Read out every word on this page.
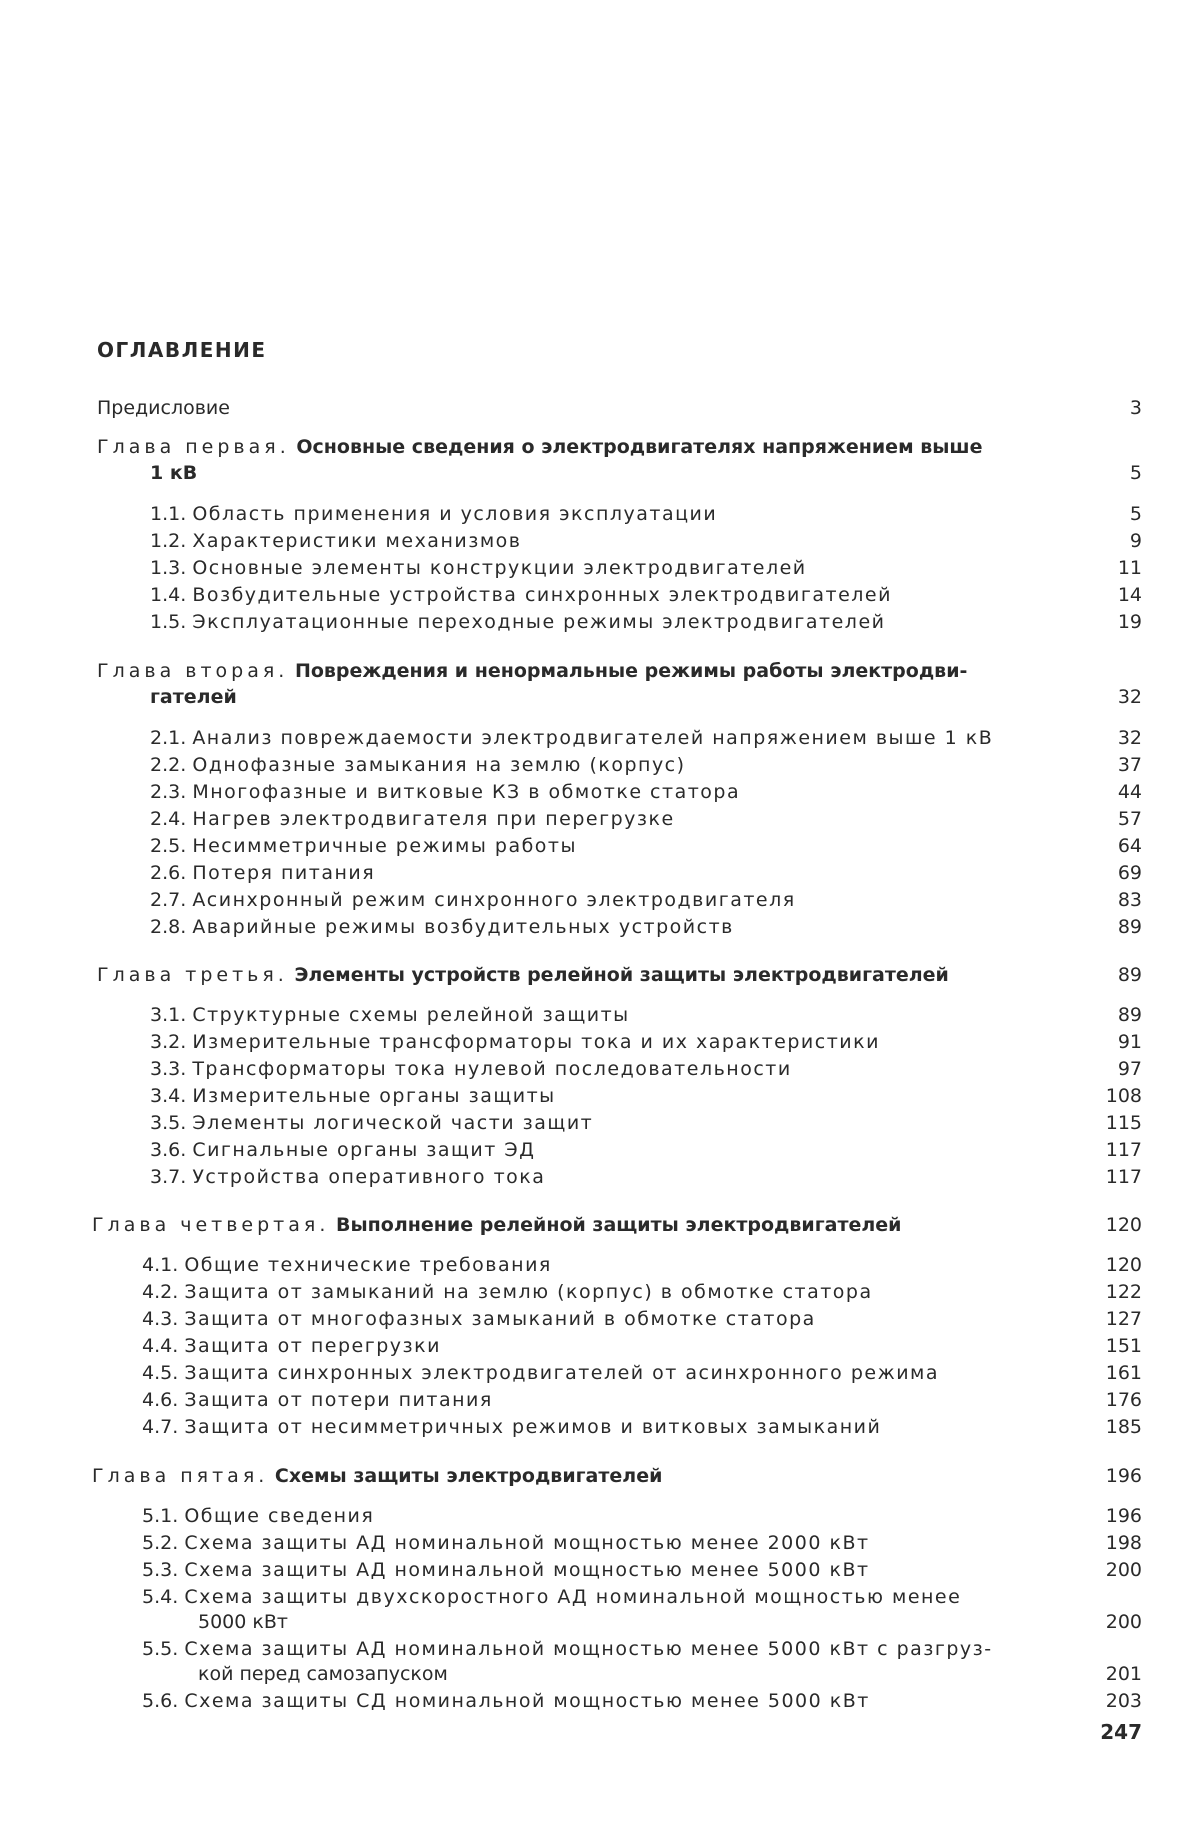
ОГЛАВЛЕНИЕ
Предисловие	3
Глава первая. Основные сведения о электродвигателях напряжением выше
1 кВ	5
1.1. Область применения и условия эксплуатации	5
1.2. Характеристики механизмов	9
1.3. Основные элементы конструкции электродвигателей	11
1.4. Возбудительные устройства синхронных электродвигателей	14
1.5. Эксплуатационные переходные режимы электродвигателей	19
Глава вторая. Повреждения и ненормальные режимы работы электродви-
гателей	32
2.1. Анализ повреждаемости электродвигателей напряжением выше 1 кВ	32
2.2. Однофазные замыкания на землю (корпус)	37
2.3. Многофазные и витковые КЗ в обмотке статора	44
2.4. Нагрев электродвигателя при перегрузке	57
2.5. Несимметричные режимы работы	64
2.6. Потеря питания	69
2.7. Асинхронный режим синхронного электродвигателя	83
2.8. Аварийные режимы возбудительных устройств	89
Глава третья. Элементы устройств релейной защиты электродвигателей	89
3.1. Структурные схемы релейной защиты	89
3.2. Измерительные трансформаторы тока и их характеристики	91
3.3. Трансформаторы тока нулевой последовательности	97
3.4. Измерительные органы защиты	108
3.5. Элементы логической части защит	115
3.6. Сигнальные органы защит ЭД	117
3.7. Устройства оперативного тока	117
Глава четвертая. Выполнение релейной защиты электродвигателей	120
4.1. Общие технические требования	120
4.2. Защита от замыканий на землю (корпус) в обмотке статора	122
4.3. Защита от многофазных замыканий в обмотке статора	127
4.4. Защита от перегрузки	151
4.5. Защита синхронных электродвигателей от асинхронного режима	161
4.6. Защита от потери питания	176
4.7. Защита от несимметричных режимов и витковых замыканий	185
Глава пятая. Схемы защиты электродвигателей	196
5.1. Общие сведения	196
5.2. Схема защиты АД номинальной мощностью менее 2000 кВт	198
5.3. Схема защиты АД номинальной мощностью менее 5000 кВт	200
5.4. Схема защиты двухскоростного АД номинальной мощностью менее
5000 кВт	200
5.5. Схема защиты АД номинальной мощностью менее 5000 кВт с разгруз-
кой перед самозапуском	201
5.6. Схема защиты СД номинальной мощностью менее 5000 кВт	203
247
